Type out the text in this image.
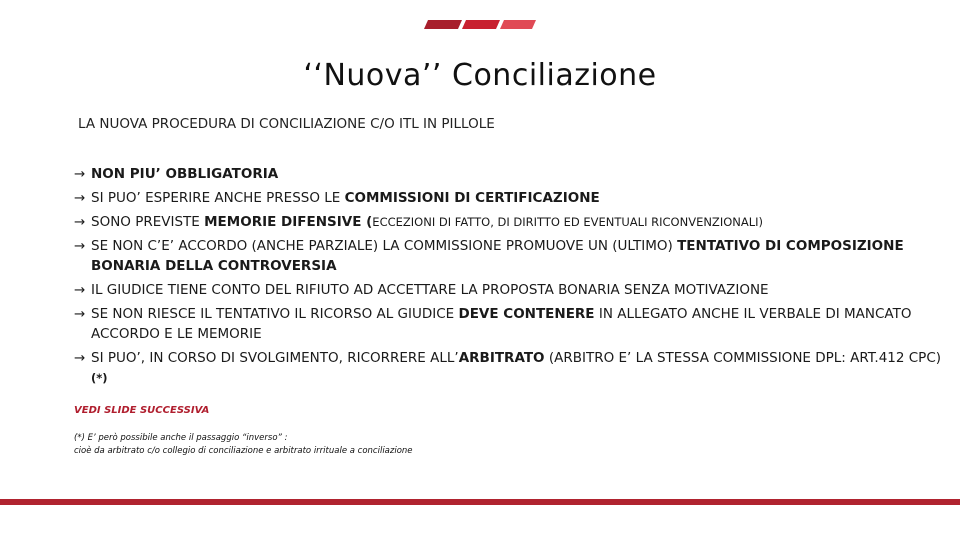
‘‘Nuova’’ Conciliazione
LA NUOVA PROCEDURA DI CONCILIAZIONE C/O ITL IN PILLOLE
→ NON PIU’ OBBLIGATORIA
→ SI PUO’ ESPERIRE ANCHE PRESSO LE COMMISSIONI DI CERTIFICAZIONE
→ SONO PREVISTE MEMORIE DIFENSIVE (ECCEZIONI DI FATTO, DI DIRITTO ED EVENTUALI RICONVENZIONALI)
→ SE NON C’E’ ACCORDO (ANCHE PARZIALE) LA COMMISSIONE PROMUOVE UN (ULTIMO) TENTATIVO DI COMPOSIZIONE BONARIA DELLA CONTROVERSIA
→ IL GIUDICE TIENE CONTO DEL RIFIUTO AD ACCETTARE LA PROPOSTA BONARIA SENZA MOTIVAZIONE
→ SE NON RIESCE IL TENTATIVO IL RICORSO AL GIUDICE DEVE CONTENERE IN ALLEGATO ANCHE IL VERBALE DI MANCATO ACCORDO E LE MEMORIE
→ SI PUO’, IN CORSO DI SVOLGIMENTO, RICORRERE ALL’ARBITRATO (ARBITRO E’ LA STESSA COMMISSIONE DPL: ART.412 CPC) (*)
VEDI SLIDE SUCCESSIVA
(*) E’ però possibile anche il passaggio “inverso” :
cioè da arbitrato c/o collegio di conciliazione e arbitrato irrituale a conciliazione
